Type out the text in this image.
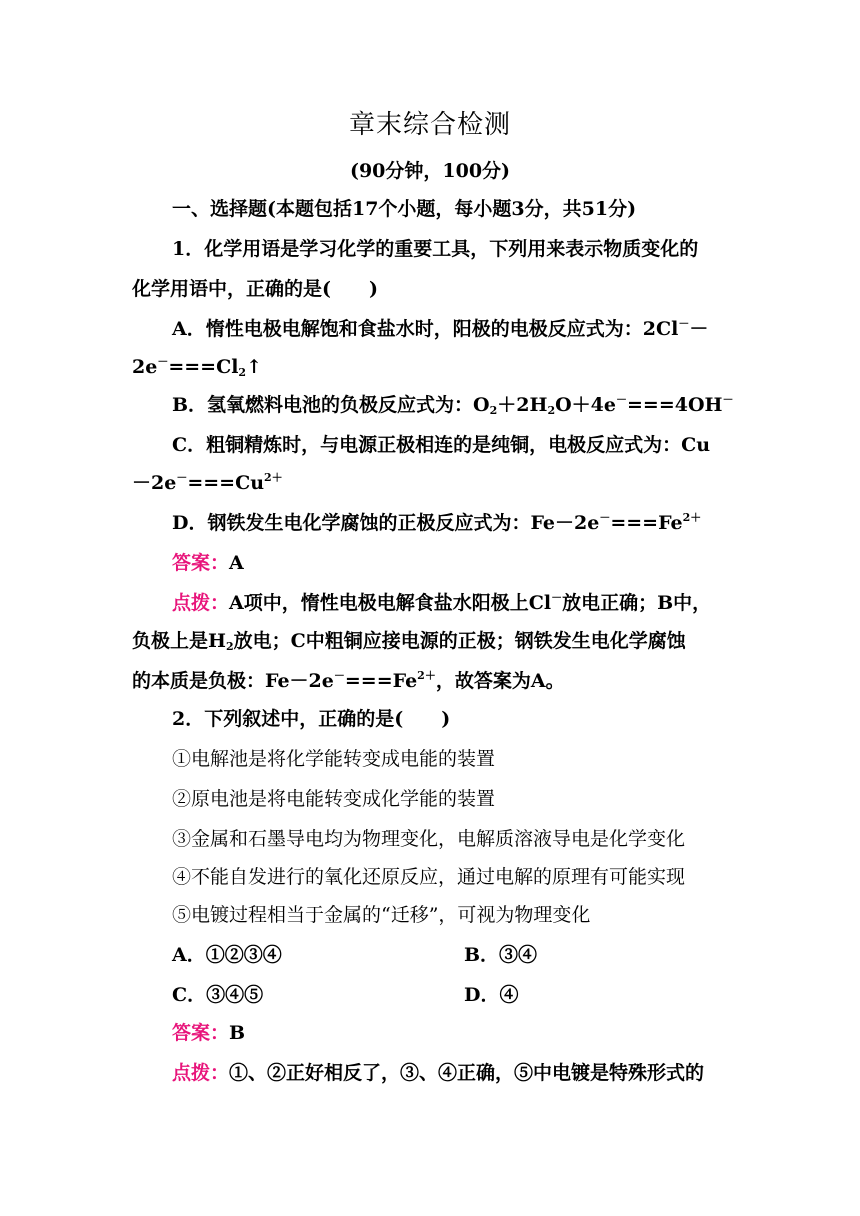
章末综合检测
(90分钟，100分)
一、选择题(本题包括17个小题，每小题3分，共51分)
1．化学用语是学习化学的重要工具，下列用来表示物质变化的
化学用语中，正确的是(　　)
A．惰性电极电解饱和食盐水时，阳极的电极反应式为：2Cl－－
$2e^-===Cl_2↑$
B．氢氧燃料电池的负极反应式为：$O_2+2H_2O+4e^-===4OH^-$
C．粗铜精炼时，与电源正极相连的是纯铜，电极反应式为：Cu
$-2e^-===Cu^{2+}$
D．钢铁发生电化学腐蚀的正极反应式为：$Fe-2e^-===Fe^{2+}$
答案：A
点拨：A项中，惰性电极电解食盐水阳极上Cl－放电正确；B中，
负极上是$H_2$放电；C中粗铜应接电源的正极；钢铁发生电化学腐蚀
的本质是负极：$Fe-2e^-===Fe^{2+}$，故答案为A。
2．下列叙述中，正确的是(　　)
①电解池是将化学能转变成电能的装置
②原电池是将电能转变成化学能的装置
③金属和石墨导电均为物理变化，电解质溶液导电是化学变化
④不能自发进行的氧化还原反应，通过电解的原理有可能实现
⑤电镀过程相当于金属的“迁移”，可视为物理变化
A．①②③④	B．③④
C．③④⑤	D．④
答案：B
点拨：①、②正好相反了，③、④正确，⑤中电镀是特殊形式的
